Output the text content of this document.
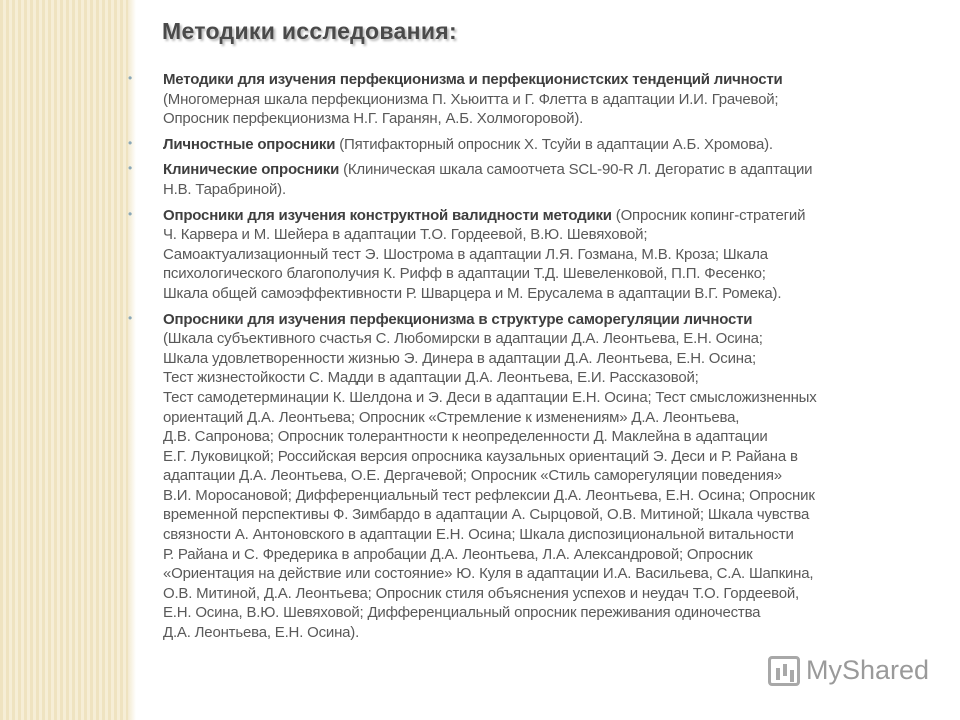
Методики исследования:
• Методики для изучения перфекционизма и перфекционистских тенденций личности
(Многомерная шкала перфекционизма П. Хьюитта и Г. Флетта в адаптации И.И. Грачевой;
Опросник перфекционизма Н.Г. Гаранян, А.Б. Холмогоровой).
• Личностные опросники (Пятифакторный опросник Х. Тсуйи в адаптации А.Б. Хромова).
• Клинические опросники (Клиническая шкала самоотчета SCL-90-R Л. Дегоратис в адаптации
Н.В. Тарабриной).
• Опросники для изучения конструктной валидности методики (Опросник копинг-стратегий
Ч. Карвера и М. Шейера в адаптации Т.О. Гордеевой, В.Ю. Шевяховой;
Самоактуализационный тест Э. Шострома в адаптации Л.Я. Гозмана, М.В. Кроза; Шкала
психологического благополучия К. Рифф в адаптации Т.Д. Шевеленковой, П.П. Фесенко;
Шкала общей самоэффективности Р. Шварцера и М. Ерусалема в адаптации В.Г. Ромека).
• Опросники для изучения перфекционизма в структуре саморегуляции личности
(Шкала субъективного счастья С. Любомирски в адаптации Д.А. Леонтьева, Е.Н. Осина;
Шкала удовлетворенности жизнью Э. Динера в адаптации Д.А. Леонтьева, Е.Н. Осина;
Тест жизнестойкости С. Мадди в адаптации Д.А. Леонтьева, Е.И. Рассказовой;
Тест самодетерминации К. Шелдона и Э. Деси в адаптации Е.Н. Осина; Тест смысложизненных
ориентаций Д.А. Леонтьева; Опросник «Стремление к изменениям» Д.А. Леонтьева,
Д.В. Сапронова; Опросник толерантности к неопределенности Д. Маклейна в адаптации
Е.Г. Луковицкой; Российская версия опросника каузальных ориентаций Э. Деси и Р. Райана в
адаптации Д.А. Леонтьева, О.Е. Дергачевой; Опросник «Стиль саморегуляции поведения»
В.И. Моросановой; Дифференциальный тест рефлексии Д.А. Леонтьева, Е.Н. Осина; Опросник
временной перспективы Ф. Зимбардо в адаптации А. Сырцовой, О.В. Митиной; Шкала чувства
связности А. Антоновского в адаптации Е.Н. Осина; Шкала диспозициональной витальности
Р. Райана и С. Фредерика в апробации Д.А. Леонтьева, Л.А. Александровой; Опросник
«Ориентация на действие или состояние» Ю. Куля в адаптации И.А. Васильева, С.А. Шапкина,
О.В. Митиной, Д.А. Леонтьева; Опросник стиля объяснения успехов и неудач Т.О. Гордеевой,
Е.Н. Осина, В.Ю. Шевяховой; Дифференциальный опросник переживания одиночества
Д.А. Леонтьева, Е.Н. Осина).
MyShared
